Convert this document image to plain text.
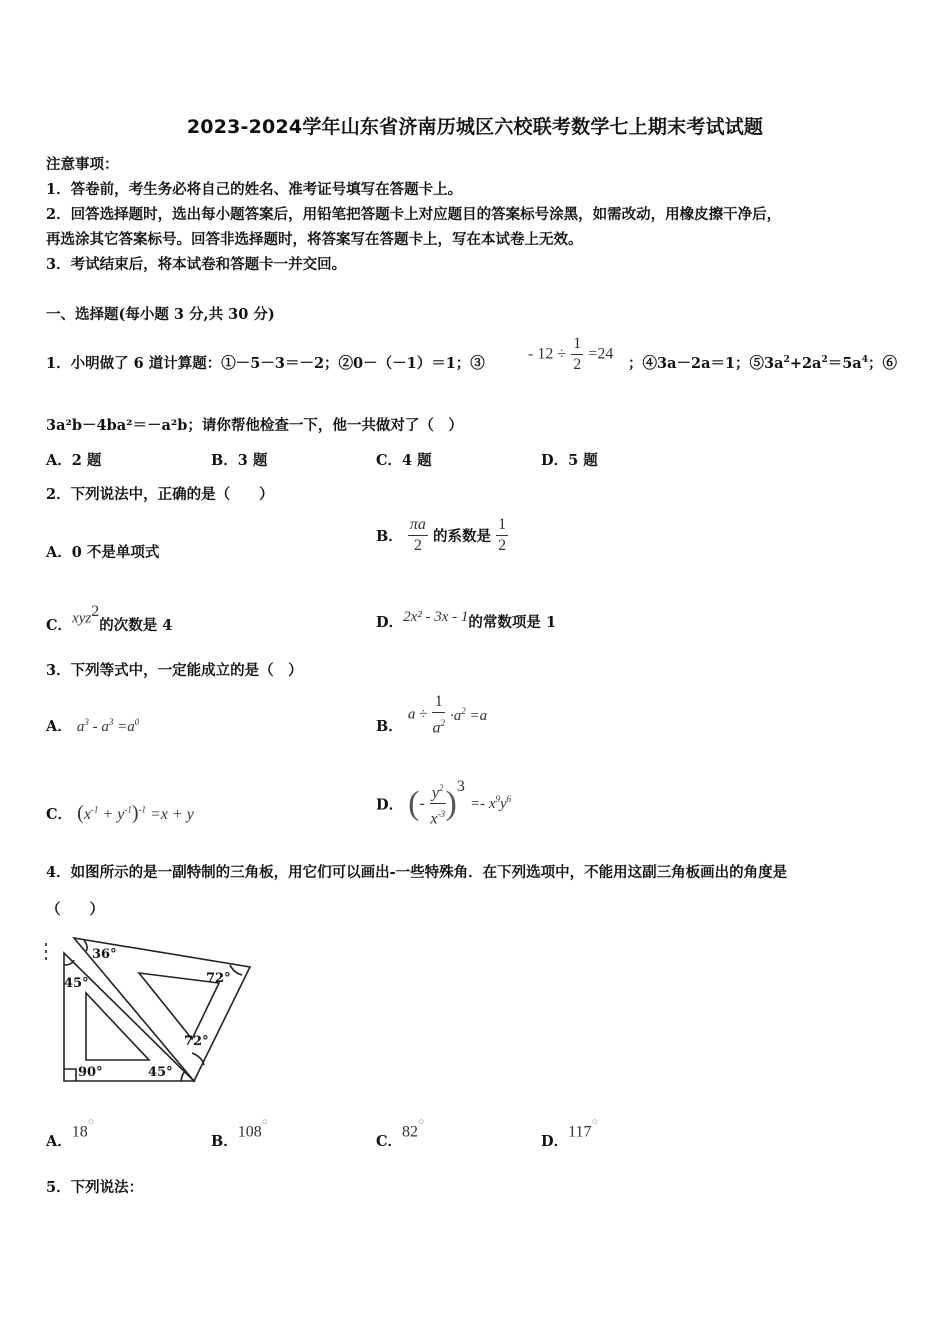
2023-2024学年山东省济南历城区六校联考数学七上期末考试试题
注意事项：
1．答卷前，考生务必将自己的姓名、准考证号填写在答题卡上。
2．回答选择题时，选出每小题答案后，用铅笔把答题卡上对应题目的答案标号涂黑，如需改动，用橡皮擦干净后，
再选涂其它答案标号。回答非选择题时，将答案写在答题卡上，写在本试卷上无效。
3．考试结束后，将本试卷和答题卡一并交回。
一、选择题(每小题 3 分,共 30 分)
1．小明做了 6 道计算题：①－5－3＝－2；②0－（－1）＝1；③
- $12 \div \frac{1}{2} =24$
；④3a－2a＝1；$⑤3a^2+2a^2=5a^4$；⑥
3a²b－4ba²＝－a²b；请你帮他检查一下，他一共做对了（　）
A．2 题	B．3 题	C．4 题	D．5 题
2．下列说法中，正确的是（　　）
A．0 不是单项式
B． $\frac{\pi a}{2}$ 的系数是 $\frac{1}{2}$
C．xyz$^2$的次数是 4	D．2x² - 3x - 1的常数项是 1
3．下列等式中，一定能成立的是（　）
A． $a^3 - a^3 =a^0$	B． $a \div \frac{1}{a^2} \cdot a^2 =a$
C． $(x^{-1} + y^{-1})^{-1} =x + y$
D． (- $\frac{y^2}{x^{-3}} )^3 =- x^9y^6$
4．如图所示的是一副特制的三角板，用它们可以画出-一些特殊角．在下列选项中，不能用这副三角板画出的角度是
（　　）
36°
72°
72°
45°
45°
90°
A．18°
B．108°
C．82°
D．117°
5．下列说法：
